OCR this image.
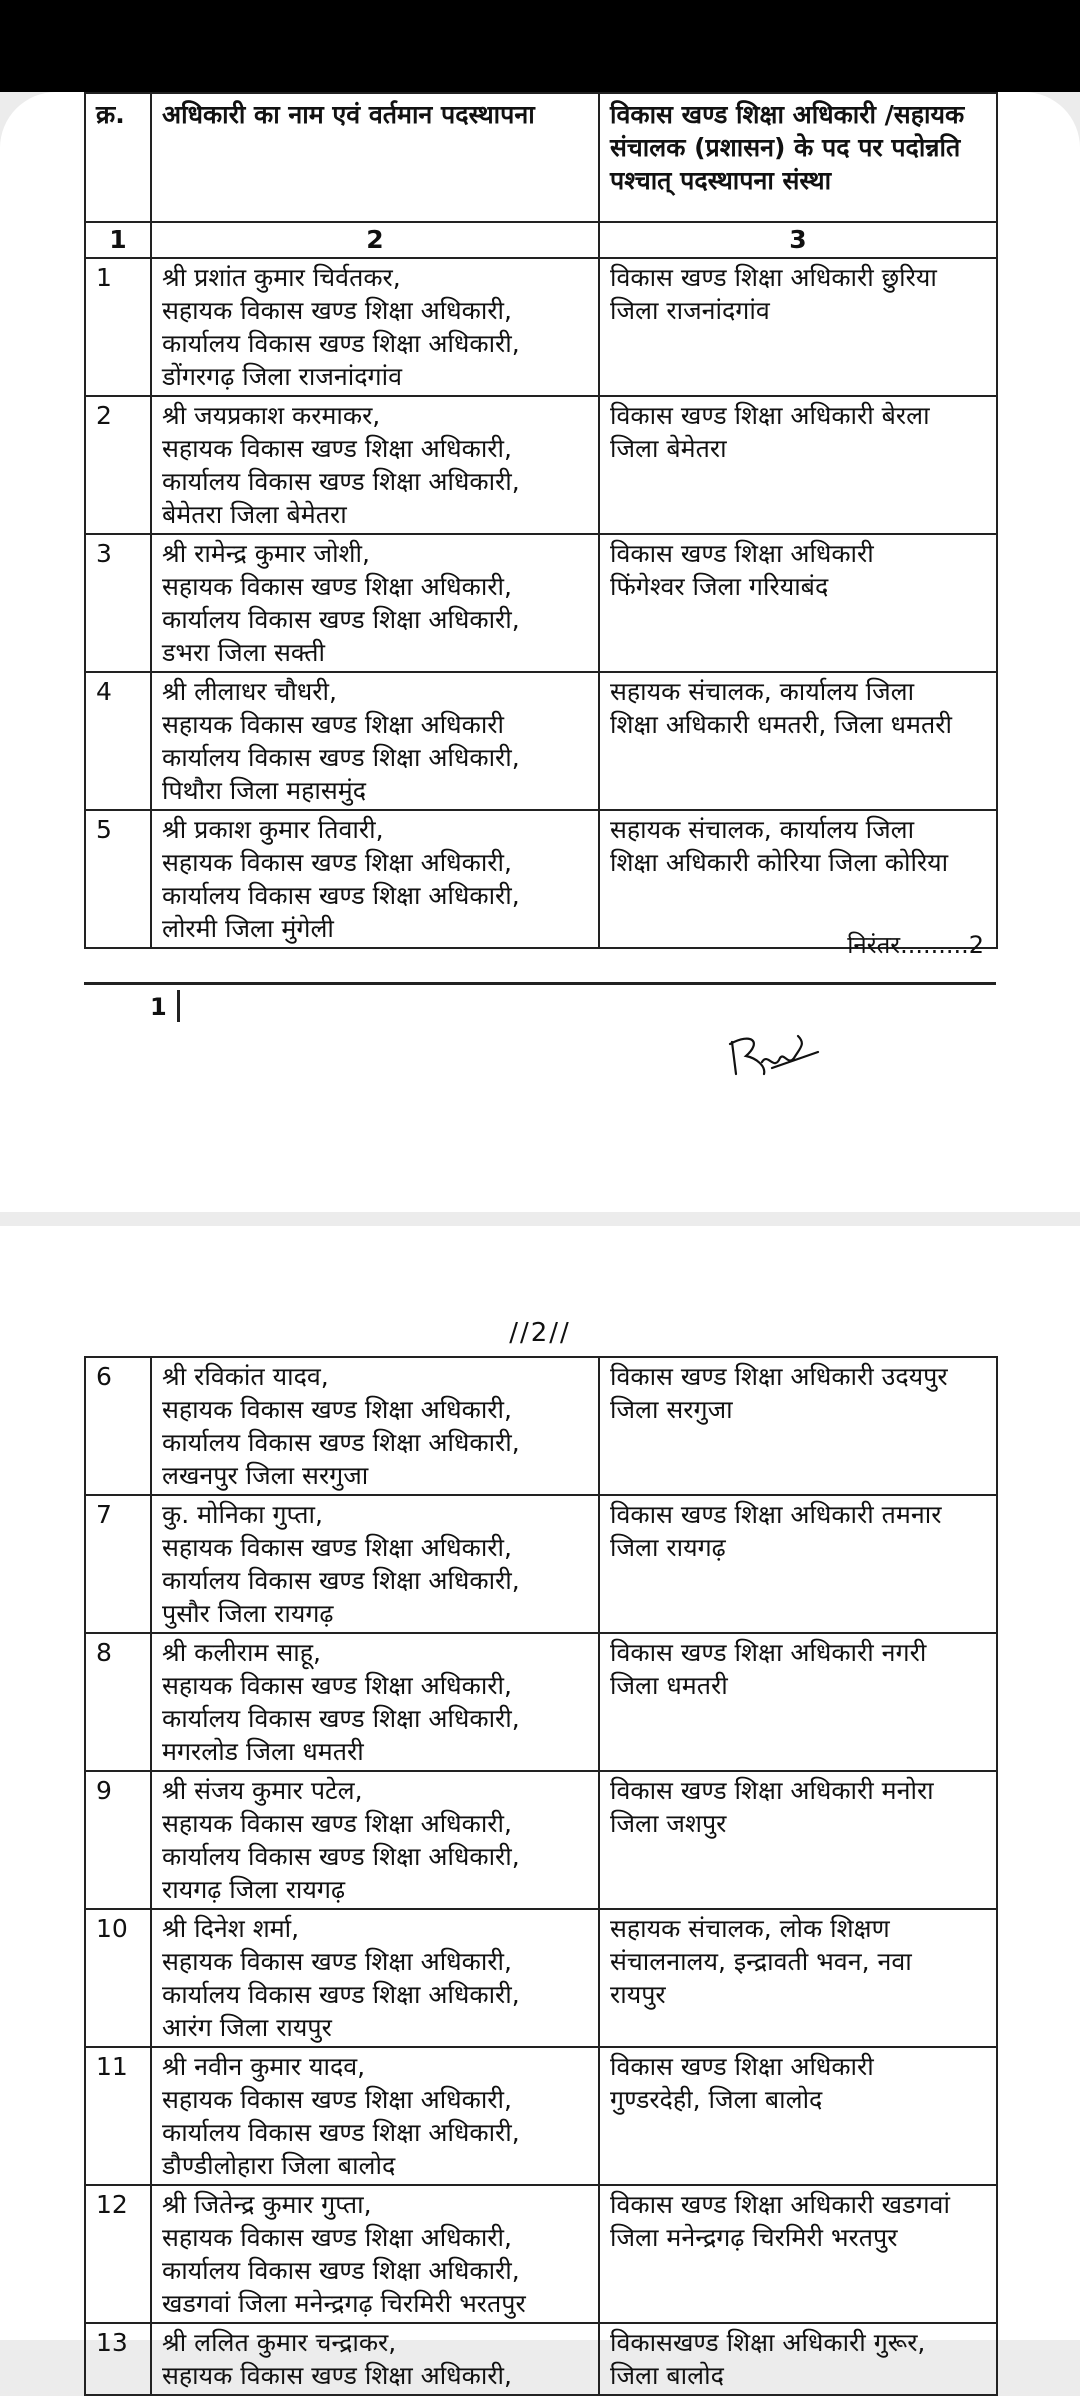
क्र.	अधिकारी का नाम एवं वर्तमान पदस्थापना	विकास खण्ड शिक्षा अधिकारी /सहायक संचालक (प्रशासन) के पद पर पदोन्नति पश्चात् पदस्थापना संस्था
1	2	3
1	श्री प्रशांत कुमार चिर्वतकर,
सहायक विकास खण्ड शिक्षा अधिकारी,
कार्यालय विकास खण्ड शिक्षा अधिकारी,
डोंगरगढ़ जिला राजनांदगांव	विकास खण्ड शिक्षा अधिकारी छुरिया
जिला राजनांदगांव

2	श्री जयप्रकाश करमाकर,
सहायक विकास खण्ड शिक्षा अधिकारी,
कार्यालय विकास खण्ड शिक्षा अधिकारी,
बेमेतरा जिला बेमेतरा	विकास खण्ड शिक्षा अधिकारी बेरला
जिला बेमेतरा

3	श्री रामेन्द्र कुमार जोशी,
सहायक विकास खण्ड शिक्षा अधिकारी,
कार्यालय विकास खण्ड शिक्षा अधिकारी,
डभरा जिला सक्ती	विकास खण्ड शिक्षा अधिकारी
फिंगेश्वर जिला गरियाबंद

4	श्री लीलाधर चौधरी,
सहायक विकास खण्ड शिक्षा अधिकारी
कार्यालय विकास खण्ड शिक्षा अधिकारी,
पिथौरा जिला महासमुंद	सहायक संचालक, कार्यालय जिला
शिक्षा अधिकारी धमतरी, जिला धमतरी

5	श्री प्रकाश कुमार तिवारी,
सहायक विकास खण्ड शिक्षा अधिकारी,
कार्यालय विकास खण्ड शिक्षा अधिकारी,
लोरमी जिला मुंगेली	सहायक संचालक, कार्यालय जिला
शिक्षा अधिकारी कोरिया जिला कोरिया
निरंतर.........2
1
//2//
6	श्री रविकांत यादव,
सहायक विकास खण्ड शिक्षा अधिकारी,
कार्यालय विकास खण्ड शिक्षा अधिकारी,
लखनपुर जिला सरगुजा	विकास खण्ड शिक्षा अधिकारी उदयपुर
जिला सरगुजा

7	कु. मोनिका गुप्ता,
सहायक विकास खण्ड शिक्षा अधिकारी,
कार्यालय विकास खण्ड शिक्षा अधिकारी,
पुसौर जिला रायगढ़	विकास खण्ड शिक्षा अधिकारी तमनार
जिला रायगढ़

8	श्री कलीराम साहू,
सहायक विकास खण्ड शिक्षा अधिकारी,
कार्यालय विकास खण्ड शिक्षा अधिकारी,
मगरलोड जिला धमतरी	विकास खण्ड शिक्षा अधिकारी नगरी
जिला धमतरी

9	श्री संजय कुमार पटेल,
सहायक विकास खण्ड शिक्षा अधिकारी,
कार्यालय विकास खण्ड शिक्षा अधिकारी,
रायगढ़ जिला रायगढ़	विकास खण्ड शिक्षा अधिकारी मनोरा
जिला जशपुर

10	श्री दिनेश शर्मा,
सहायक विकास खण्ड शिक्षा अधिकारी,
कार्यालय विकास खण्ड शिक्षा अधिकारी,
आरंग जिला रायपुर	सहायक संचालक, लोक शिक्षण
संचालनालय, इन्द्रावती भवन, नवा
रायपुर

11	श्री नवीन कुमार यादव,
सहायक विकास खण्ड शिक्षा अधिकारी,
कार्यालय विकास खण्ड शिक्षा अधिकारी,
डौण्डीलोहारा जिला बालोद	विकास खण्ड शिक्षा अधिकारी
गुण्डरदेही, जिला बालोद

12	श्री जितेन्द्र कुमार गुप्ता,
सहायक विकास खण्ड शिक्षा अधिकारी,
कार्यालय विकास खण्ड शिक्षा अधिकारी,
खडगवां जिला मनेन्द्रगढ़ चिरमिरी भरतपुर	विकास खण्ड शिक्षा अधिकारी खडगवां
जिला मनेन्द्रगढ़ चिरमिरी भरतपुर

13	श्री ललित कुमार चन्द्राकर,
सहायक विकास खण्ड शिक्षा अधिकारी,	विकासखण्ड शिक्षा अधिकारी गुरूर,
जिला बालोद
